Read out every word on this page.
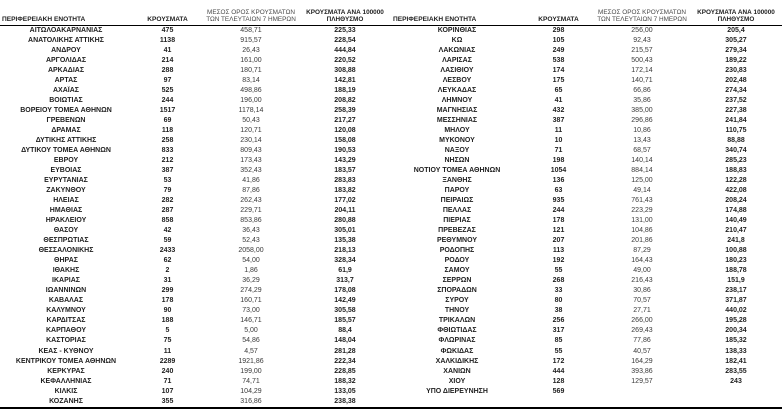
ΠΕΡΙΦΕΡΕΙΑΚΗ ΕΝΟΤΗΤΑ	ΚΡΟΥΣΜΑΤΑ
ΜΕΣΟΣ ΟΡΟΣ ΚΡΟΥΣΜΑΤΩΝ
ΤΩΝ ΤΕΛΕΥΤΑΙΩΝ 7 ΗΜΕΡΩΝ
ΚΡΟΥΣΜΑΤΑ ΑΝΑ 100000
ΠΛΗΘΥΣΜΟ
ΑΙΤΩΛΟΑΚΑΡΝΑΝΙΑΣ	475	458,71	225,33
ΑΝΑΤΟΛΙΚΗΣ ΑΤΤΙΚΗΣ	1138	915,57	228,54
ΑΝΔΡΟΥ	41	26,43	444,84
ΑΡΓΟΛΙΔΑΣ	214	161,00	220,52
ΑΡΚΑΔΙΑΣ	288	180,71	308,88
ΑΡΤΑΣ	97	83,14	142,81
ΑΧΑΪΑΣ	525	498,86	188,19
ΒΟΙΩΤΙΑΣ	244	196,00	208,82
ΒΟΡΕΙΟΥ ΤΟΜΕΑ ΑΘΗΝΩΝ	1517	1178,14	258,39
ΓΡΕΒΕΝΩΝ	69	50,43	217,27
ΔΡΑΜΑΣ	118	120,71	120,08
ΔΥΤΙΚΗΣ ΑΤΤΙΚΗΣ	258	230,14	158,08
ΔΥΤΙΚΟΥ ΤΟΜΕΑ ΑΘΗΝΩΝ	833	809,43	190,53
ΕΒΡΟΥ	212	173,43	143,29
ΕΥΒΟΙΑΣ	387	352,43	183,57
ΕΥΡΥΤΑΝΙΑΣ	53	41,86	283,83
ΖΑΚΥΝΘΟΥ	79	87,86	183,82
ΗΛΕΙΑΣ	282	262,43	177,02
ΗΜΑΘΙΑΣ	287	229,71	204,11
ΗΡΑΚΛΕΙΟΥ	858	853,86	280,88
ΘΑΣΟΥ	42	36,43	305,01
ΘΕΣΠΡΩΤΙΑΣ	59	52,43	135,38
ΘΕΣΣΑΛΟΝΙΚΗΣ	2433	2058,00	218,13
ΘΗΡΑΣ	62	54,00	328,34
ΙΘΑΚΗΣ	2	1,86	61,9
ΙΚΑΡΙΑΣ	31	36,29	313,7
ΙΩΑΝΝΙΝΩΝ	299	274,29	178,08
ΚΑΒΑΛΑΣ	178	160,71	142,49
ΚΑΛΥΜΝΟΥ	90	73,00	305,58
ΚΑΡΔΙΤΣΑΣ	188	146,71	185,57
ΚΑΡΠΑΘΟΥ	5	5,00	88,4
ΚΑΣΤΟΡΙΑΣ	75	54,86	148,04
ΚΕΑΣ - ΚΥΘΝΟΥ	11	4,57	281,28
ΚΕΝΤΡΙΚΟΥ ΤΟΜΕΑ ΑΘΗΝΩΝ	2289	1921,86	222,34
ΚΕΡΚΥΡΑΣ	240	199,00	228,85
ΚΕΦΑΛΛΗΝΙΑΣ	71	74,71	188,32
ΚΙΛΚΙΣ	107	104,29	133,05
ΚΟΖΑΝΗΣ	355	316,86	238,38
ΠΕΡΙΦΕΡΕΙΑΚΗ ΕΝΟΤΗΤΑ	ΚΡΟΥΣΜΑΤΑ
ΜΕΣΟΣ ΟΡΟΣ ΚΡΟΥΣΜΑΤΩΝ
ΤΩΝ ΤΕΛΕΥΤΑΙΩΝ 7 ΗΜΕΡΩΝ
ΚΡΟΥΣΜΑΤΑ ΑΝΑ 100000
ΠΛΗΘΥΣΜΟ
ΚΟΡΙΝΘΙΑΣ	298	256,00	205,4
ΚΩ	105	92,43	305,27
ΛΑΚΩΝΙΑΣ	249	215,57	279,34
ΛΑΡΙΣΑΣ	538	500,43	189,22
ΛΑΣΙΘΙΟΥ	174	172,14	230,83
ΛΕΣΒΟΥ	175	140,71	202,48
ΛΕΥΚΑΔΑΣ	65	66,86	274,34
ΛΗΜΝΟΥ	41	35,86	237,52
ΜΑΓΝΗΣΙΑΣ	432	385,00	227,38
ΜΕΣΣΗΝΙΑΣ	387	296,86	241,84
ΜΗΛΟΥ	11	10,86	110,75
ΜΥΚΟΝΟΥ	10	13,43	88,88
ΝΑΞΟΥ	71	68,57	340,74
ΝΗΣΩΝ	198	140,14	285,23
ΝΟΤΙΟΥ ΤΟΜΕΑ ΑΘΗΝΩΝ	1054	884,14	188,83
ΞΑΝΘΗΣ	136	125,00	122,28
ΠΑΡΟΥ	63	49,14	422,08
ΠΕΙΡΑΙΩΣ	935	761,43	208,24
ΠΕΛΛΑΣ	244	223,29	174,88
ΠΙΕΡΙΑΣ	178	131,00	140,49
ΠΡΕΒΕΖΑΣ	121	104,86	210,47
ΡΕΘΥΜΝΟΥ	207	201,86	241,8
ΡΟΔΟΠΗΣ	113	87,29	100,88
ΡΟΔΟΥ	192	164,43	180,23
ΣΑΜΟΥ	55	49,00	188,78
ΣΕΡΡΩΝ	268	216,43	151,9
ΣΠΟΡΑΔΩΝ	33	30,86	238,17
ΣΥΡΟΥ	80	70,57	371,87
ΤΗΝΟΥ	38	27,71	440,02
ΤΡΙΚΑΛΩΝ	256	266,00	195,28
ΦΘΙΩΤΙΔΑΣ	317	269,43	200,34
ΦΛΩΡΙΝΑΣ	85	77,86	185,32
ΦΩΚΙΔΑΣ	55	40,57	138,33
ΧΑΛΚΙΔΙΚΗΣ	172	164,29	182,41
ΧΑΝΙΩΝ	444	393,86	283,55
ΧΙΟΥ	128	129,57	243
ΥΠΟ ΔΙΕΡΕΥΝΗΣΗ	569
